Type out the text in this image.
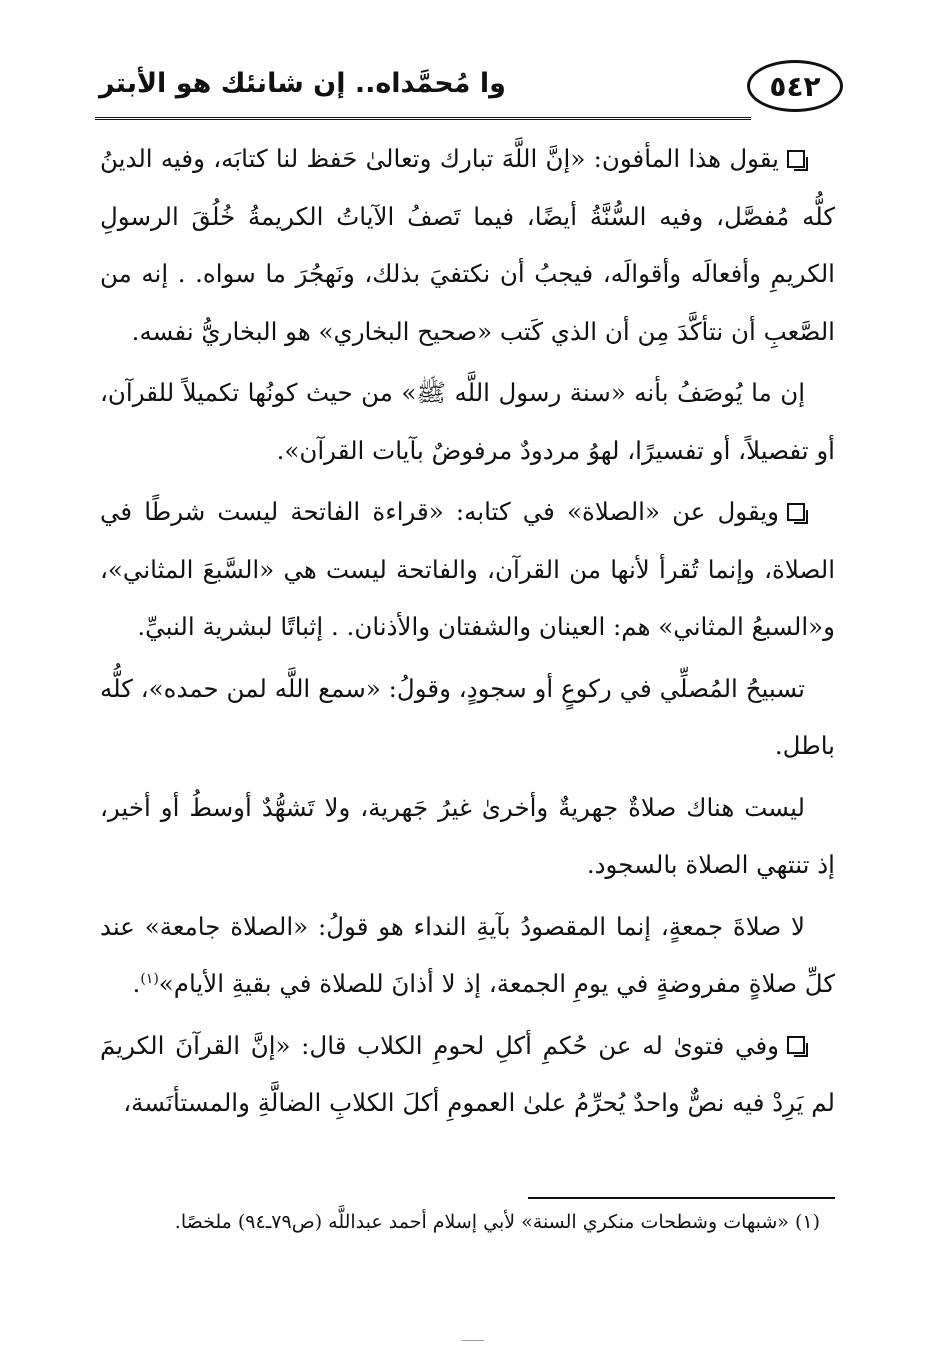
٥٤٢
وا مُحمَّداه.. إن شانئك هو الأبتر

يقول هذا المأفون: «إنَّ اللَّهَ تبارك وتعالىٰ حَفظ لنا كتابَه، وفيه الدينُ كلُّه مُفصَّل، وفيه السُّنَّةُ أيضًا، فيما تَصفُ الآياتُ الكريمةُ خُلُقَ الرسولِ الكريمِ وأفعالَه وأقوالَه، فيجبُ أن نكتفيَ بذلك، ونَهجُرَ ما سواه. . إنه من الصَّعبِ أن نتأكَّدَ مِن أن الذي كَتب «صحيح البخاري» هو البخاريُّ نفسه.

إن ما يُوصَفُ بأنه «سنة رسول اللَّه ﷺ» من حيث كونُها تكميلاً للقرآن، أو تفصيلاً، أو تفسيرًا، لهوُ مردودٌ مرفوضٌ بآيات القرآن».

ويقول عن «الصلاة» في كتابه: «قراءة الفاتحة ليست شرطًا في الصلاة، وإنما تُقرأ لأنها من القرآن، والفاتحة ليست هي «السَّبعَ المثاني»، و«السبعُ المثاني» هم: العينان والشفتان والأذنان. . إثباتًا لبشرية النبيِّ.

تسبيحُ المُصلِّي في ركوعٍ أو سجودٍ، وقولُ: «سمع اللَّه لمن حمده»، كلُّه باطل.

ليست هناك صلاةٌ جهريةٌ وأخرىٰ غيرُ جَهرية، ولا تَشهُّدٌ أوسطُ أو أخير، إذ تنتهي الصلاة بالسجود.

لا صلاةَ جمعةٍ، إنما المقصودُ بآيةِ النداء هو قولُ: «الصلاة جامعة» عند كلِّ صلاةٍ مفروضةٍ في يومِ الجمعة، إذ لا أذانَ للصلاة في بقيةِ الأيام»$^{(١)}$.

وفي فتوىٰ له عن حُكمِ أكلِ لحومِ الكلاب قال: «إنَّ القرآنَ الكريمَ لم يَرِدْ فيه نصٌّ واحدٌ يُحرِّمُ علىٰ العمومِ أكلَ الكلابِ الضالَّةِ والمستأنَسة،

(١) «شبهات وشطحات منكري السنة» لأبي إسلام أحمد عبداللَّه (ص٧٩ـ٩٤) ملخصًا.
